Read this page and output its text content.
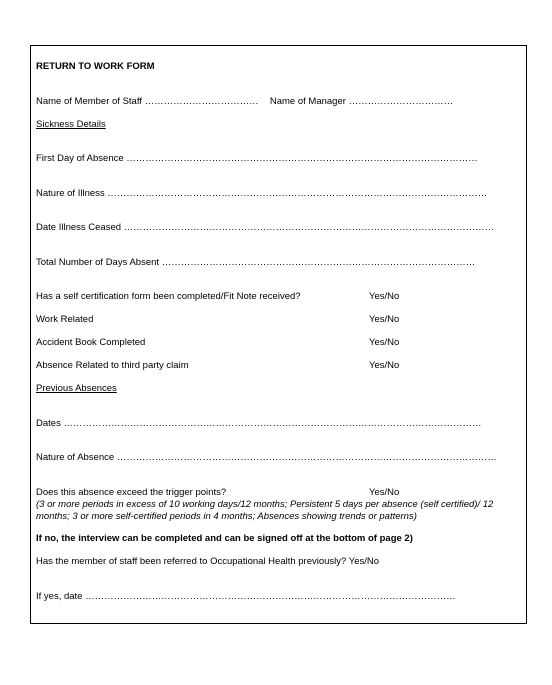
RETURN TO WORK FORM
Name of Member of Staff ……………………………… Name of Manager ……………………………
Sickness Details
First Day of Absence …………………………………………………………………………………………………
Nature of Illness …………………………………………………………………………………………………………
Date Illness Ceased ………………………………………………………………………………………………………
Total Number of Days Absent ………………………………………………………………………………………
Has a self certification form been completed/Fit Note received?	Yes/No
Work Related	Yes/No
Accident Book Completed	Yes/No
Absence Related to third party claim	Yes/No
Previous Absences
Dates ……………………………………………………………………………………………………………………
Nature of Absence …………………………………………………………………………………………………………
Does this absence exceed the trigger points?	Yes/No
(3 or more periods in excess of 10 working days/12 months; Persistent 5 days per absence (self certified)/ 12
months; 3 or more self-certified periods in 4 months; Absences showing trends or patterns)
If no, the interview can be completed and can be signed off at the bottom of page 2)
Has the member of staff been referred to Occupational Health previously? Yes/No
If yes, date ………………………………………………………………………………………………………
